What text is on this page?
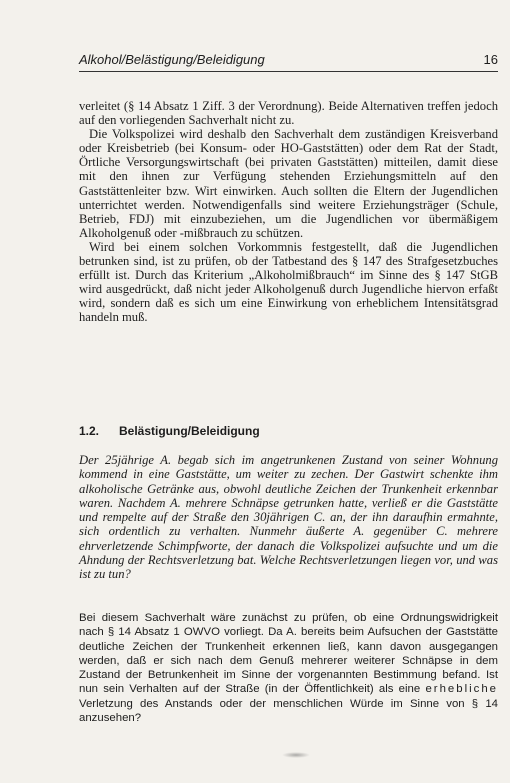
Alkohol/Belästigung/Beleidigung	16

verleitet (§ 14 Absatz 1 Ziff. 3 der Verordnung). Beide Alternativen treffen jedoch auf den vorliegenden Sachverhalt nicht zu.

Die Volkspolizei wird deshalb den Sachverhalt dem zuständigen Kreisverband oder Kreisbetrieb (bei Konsum- oder HO-Gaststätten) oder dem Rat der Stadt, Örtliche Versorgungswirtschaft (bei privaten Gaststätten) mitteilen, damit diese mit den ihnen zur Verfügung stehenden Erziehungsmitteln auf den Gaststättenleiter bzw. Wirt einwirken. Auch sollten die Eltern der Jugendlichen unterrichtet werden. Notwendigenfalls sind weitere Erziehungsträger (Schule, Betrieb, FDJ) mit einzubeziehen, um die Jugendlichen vor übermäßigem Alkoholgenuß oder -mißbrauch zu schützen.

Wird bei einem solchen Vorkommnis festgestellt, daß die Jugendlichen betrunken sind, ist zu prüfen, ob der Tatbestand des § 147 des Strafgesetzbuches erfüllt ist. Durch das Kriterium „Alkoholmißbrauch“ im Sinne des § 147 StGB wird ausgedrückt, daß nicht jeder Alkoholgenuß durch Jugendliche hiervon erfaßt wird, sondern daß es sich um eine Einwirkung von erheblichem Intensitätsgrad handeln muß.

1.2.	Belästigung/Beleidigung

Der 25jährige A. begab sich im angetrunkenen Zustand von seiner Wohnung kommend in eine Gaststätte, um weiter zu zechen. Der Gastwirt schenkte ihm alkoholische Getränke aus, obwohl deutliche Zeichen der Trunkenheit erkennbar waren. Nachdem A. mehrere Schnäpse getrunken hatte, verließ er die Gaststätte und rempelte auf der Straße den 30jährigen C. an, der ihn daraufhin ermahnte, sich ordentlich zu verhalten. Nunmehr äußerte A. gegenüber C. mehrere ehrverletzende Schimpfworte, der danach die Volkspolizei aufsuchte und um die Ahndung der Rechtsverletzung bat. Welche Rechtsverletzungen liegen vor, und was ist zu tun?

Bei diesem Sachverhalt wäre zunächst zu prüfen, ob eine Ordnungswidrigkeit nach § 14 Absatz 1 OWVO vorliegt. Da A. bereits beim Aufsuchen der Gaststätte deutliche Zeichen der Trunkenheit erkennen ließ, kann davon ausgegangen werden, daß er sich nach dem Genuß mehrerer weiterer Schnäpse in dem Zustand der Betrunkenheit im Sinne der vorgenannten Bestimmung befand. Ist nun sein Verhalten auf der Straße (in der Öffentlichkeit) als eine erhebliche Verletzung des Anstands oder der menschlichen Würde im Sinne von § 14 anzusehen?
